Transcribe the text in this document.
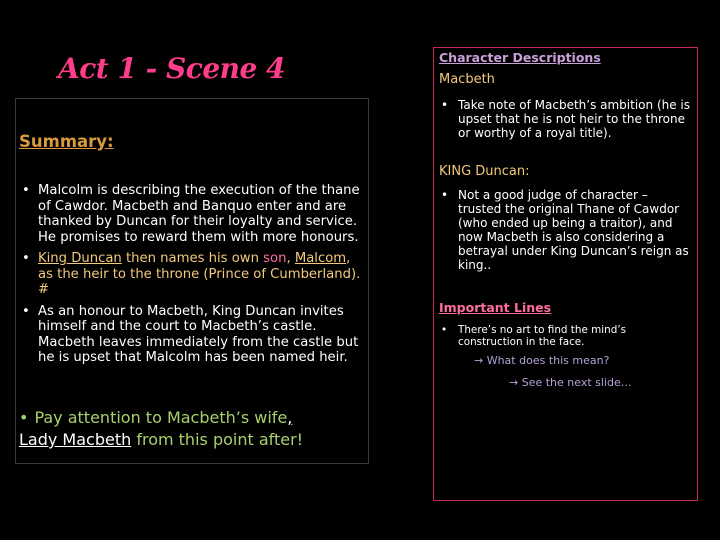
Act 1 - Scene 4
Summary:
• Malcolm is describing the execution of the thane of Cawdor. Macbeth and Banquo enter and are thanked by Duncan for their loyalty and service. He promises to reward them with more honours.
• King Duncan then names his own son, Malcom, as the heir to the throne (Prince of Cumberland). #
• As an honour to Macbeth, King Duncan invites himself and the court to Macbeth’s castle. Macbeth leaves immediately from the castle but he is upset that Malcolm has been named heir.
• Pay attention to Macbeth’s wife,
Lady Macbeth from this point after!
Character Descriptions
Macbeth
• Take note of Macbeth’s ambition (he is upset that he is not heir to the throne or worthy of a royal title).
KING Duncan:
• Not a good judge of character – trusted the original Thane of Cawdor (who ended up being a traitor), and now Macbeth is also considering a betrayal under King Duncan’s reign as king..
Important Lines
• There’s no art to find the mind’s construction in the face.
→ What does this mean?
→ See the next slide…
